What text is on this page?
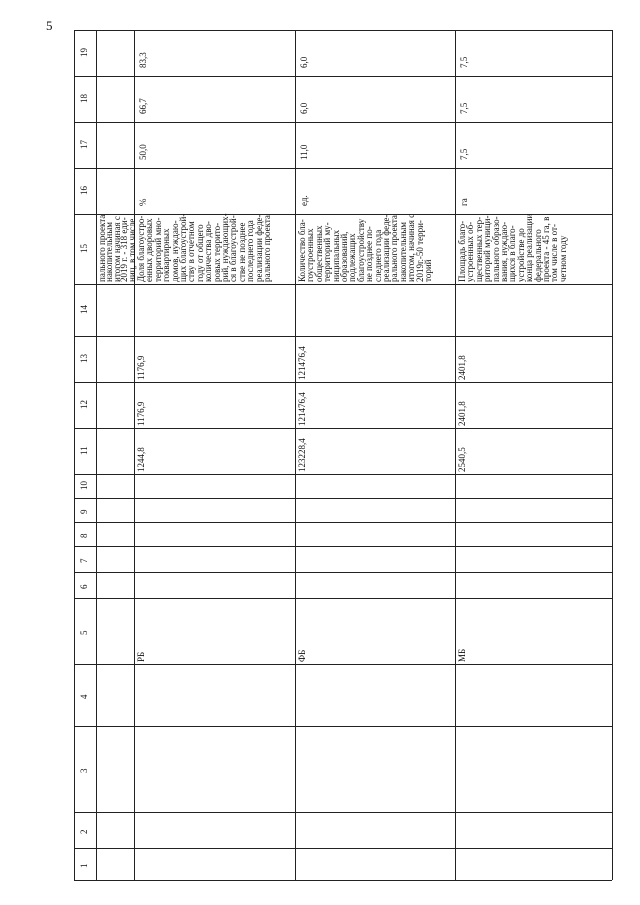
5
1
2
3
4
5
6
7
8
9
10
11
12
13
14
15
16
17
18
19
пального проекта
накопительным
итогом начиная с
2019 г. - 318 еди-
ниц, в том числе
РБ
1244,8
1176,9
1176,9
Доля благоустро-
енных дворовых
территорий мно-
гоквартирных
домов, нуждаю-
щих благоустрой-
ству в отчетном
году от общего
количества дво-
ровых террито-
рий, нуждающих-
ся в благоустрой-
стве не позднее
последнего года
реализации феде-
рального проекта
%
50,0
66,7
83,3
ФБ
123228,4
121476,4
121476,4
Количество бла-
гоустроенных
общественных
территорий му-
ниципальных
образований,
подлежащих
благоустройству
не позднее по-
следнего года
реализации феде-
рального проекта
накопительным
итогом, начиная с
2019г.-50 терри-
торий
ед.
11,0
6,0
6,0
МБ
2540,5
2401,8
2401,8
Площадь благо-
устроенных об-
щественных тер-
риторий муници-
пального образо-
вания, нуждаю-
щихся в благо-
устройстве до
конца реализации
федерального
проекта - 45 га, в
том числе в от-
четном году
га
7,5
7,5
7,5
